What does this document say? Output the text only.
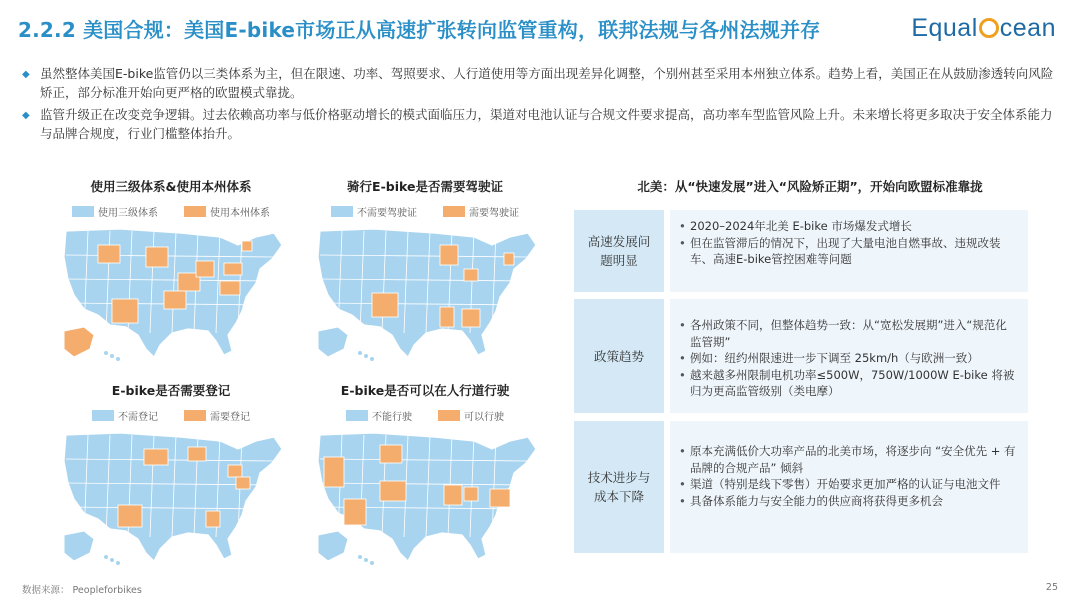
2.2.2 美国合规：美国E-bike市场正从高速扩张转向监管重构，联邦法规与各州法规并存	Equal cean
◆ 虽然整体美国E-bike监管仍以三类体系为主，但在限速、功率、驾照要求、人行道使用等方面出现差异化调整，个别州甚至采用本州独立体系。趋势上看，美国正在从鼓励渗透转向风险矫正，部分标准开始向更严格的欧盟模式靠拢。
◆ 监管升级正在改变竞争逻辑。过去依赖高功率与低价格驱动增长的模式面临压力，渠道对电池认证与合规文件要求提高，高功率车型监管风险上升。未来增长将更多取决于安全体系能力与品牌合规度，行业门槛整体抬升。
使用三级体系&使用本州体系
使用三级体系	使用本州体系
骑行E-bike是否需要驾驶证
不需要驾驶证	需要驾驶证
E-bike是否需要登记
不需登记	需要登记
E-bike是否可以在人行道行驶
不能行驶	可以行驶
北美：从“快速发展”进入“风险矫正期”，开始向欧盟标准靠拢
高速发展问题明显
• 2020–2024年北美 E-bike 市场爆发式增长
• 但在监管滞后的情况下，出现了大量电池自燃事故、违规改装车、高速E-bike管控困难等问题
政策趋势
• 各州政策不同，但整体趋势一致：从“宽松发展期”进入“规范化监管期”
• 例如：纽约州限速进一步下调至 25km/h（与欧洲一致）
• 越来越多州限制电机功率≤500W，750W/1000W E-bike 将被归为更高监管级别（类电摩）
技术进步与成本下降
• 原本充满低价大功率产品的北美市场，将逐步向 “安全优先 + 有品牌的合规产品” 倾斜
• 渠道（特别是线下零售）开始要求更加严格的认证与电池文件
• 具备体系能力与安全能力的供应商将获得更多机会
数据来源： Peopleforbikes	25
